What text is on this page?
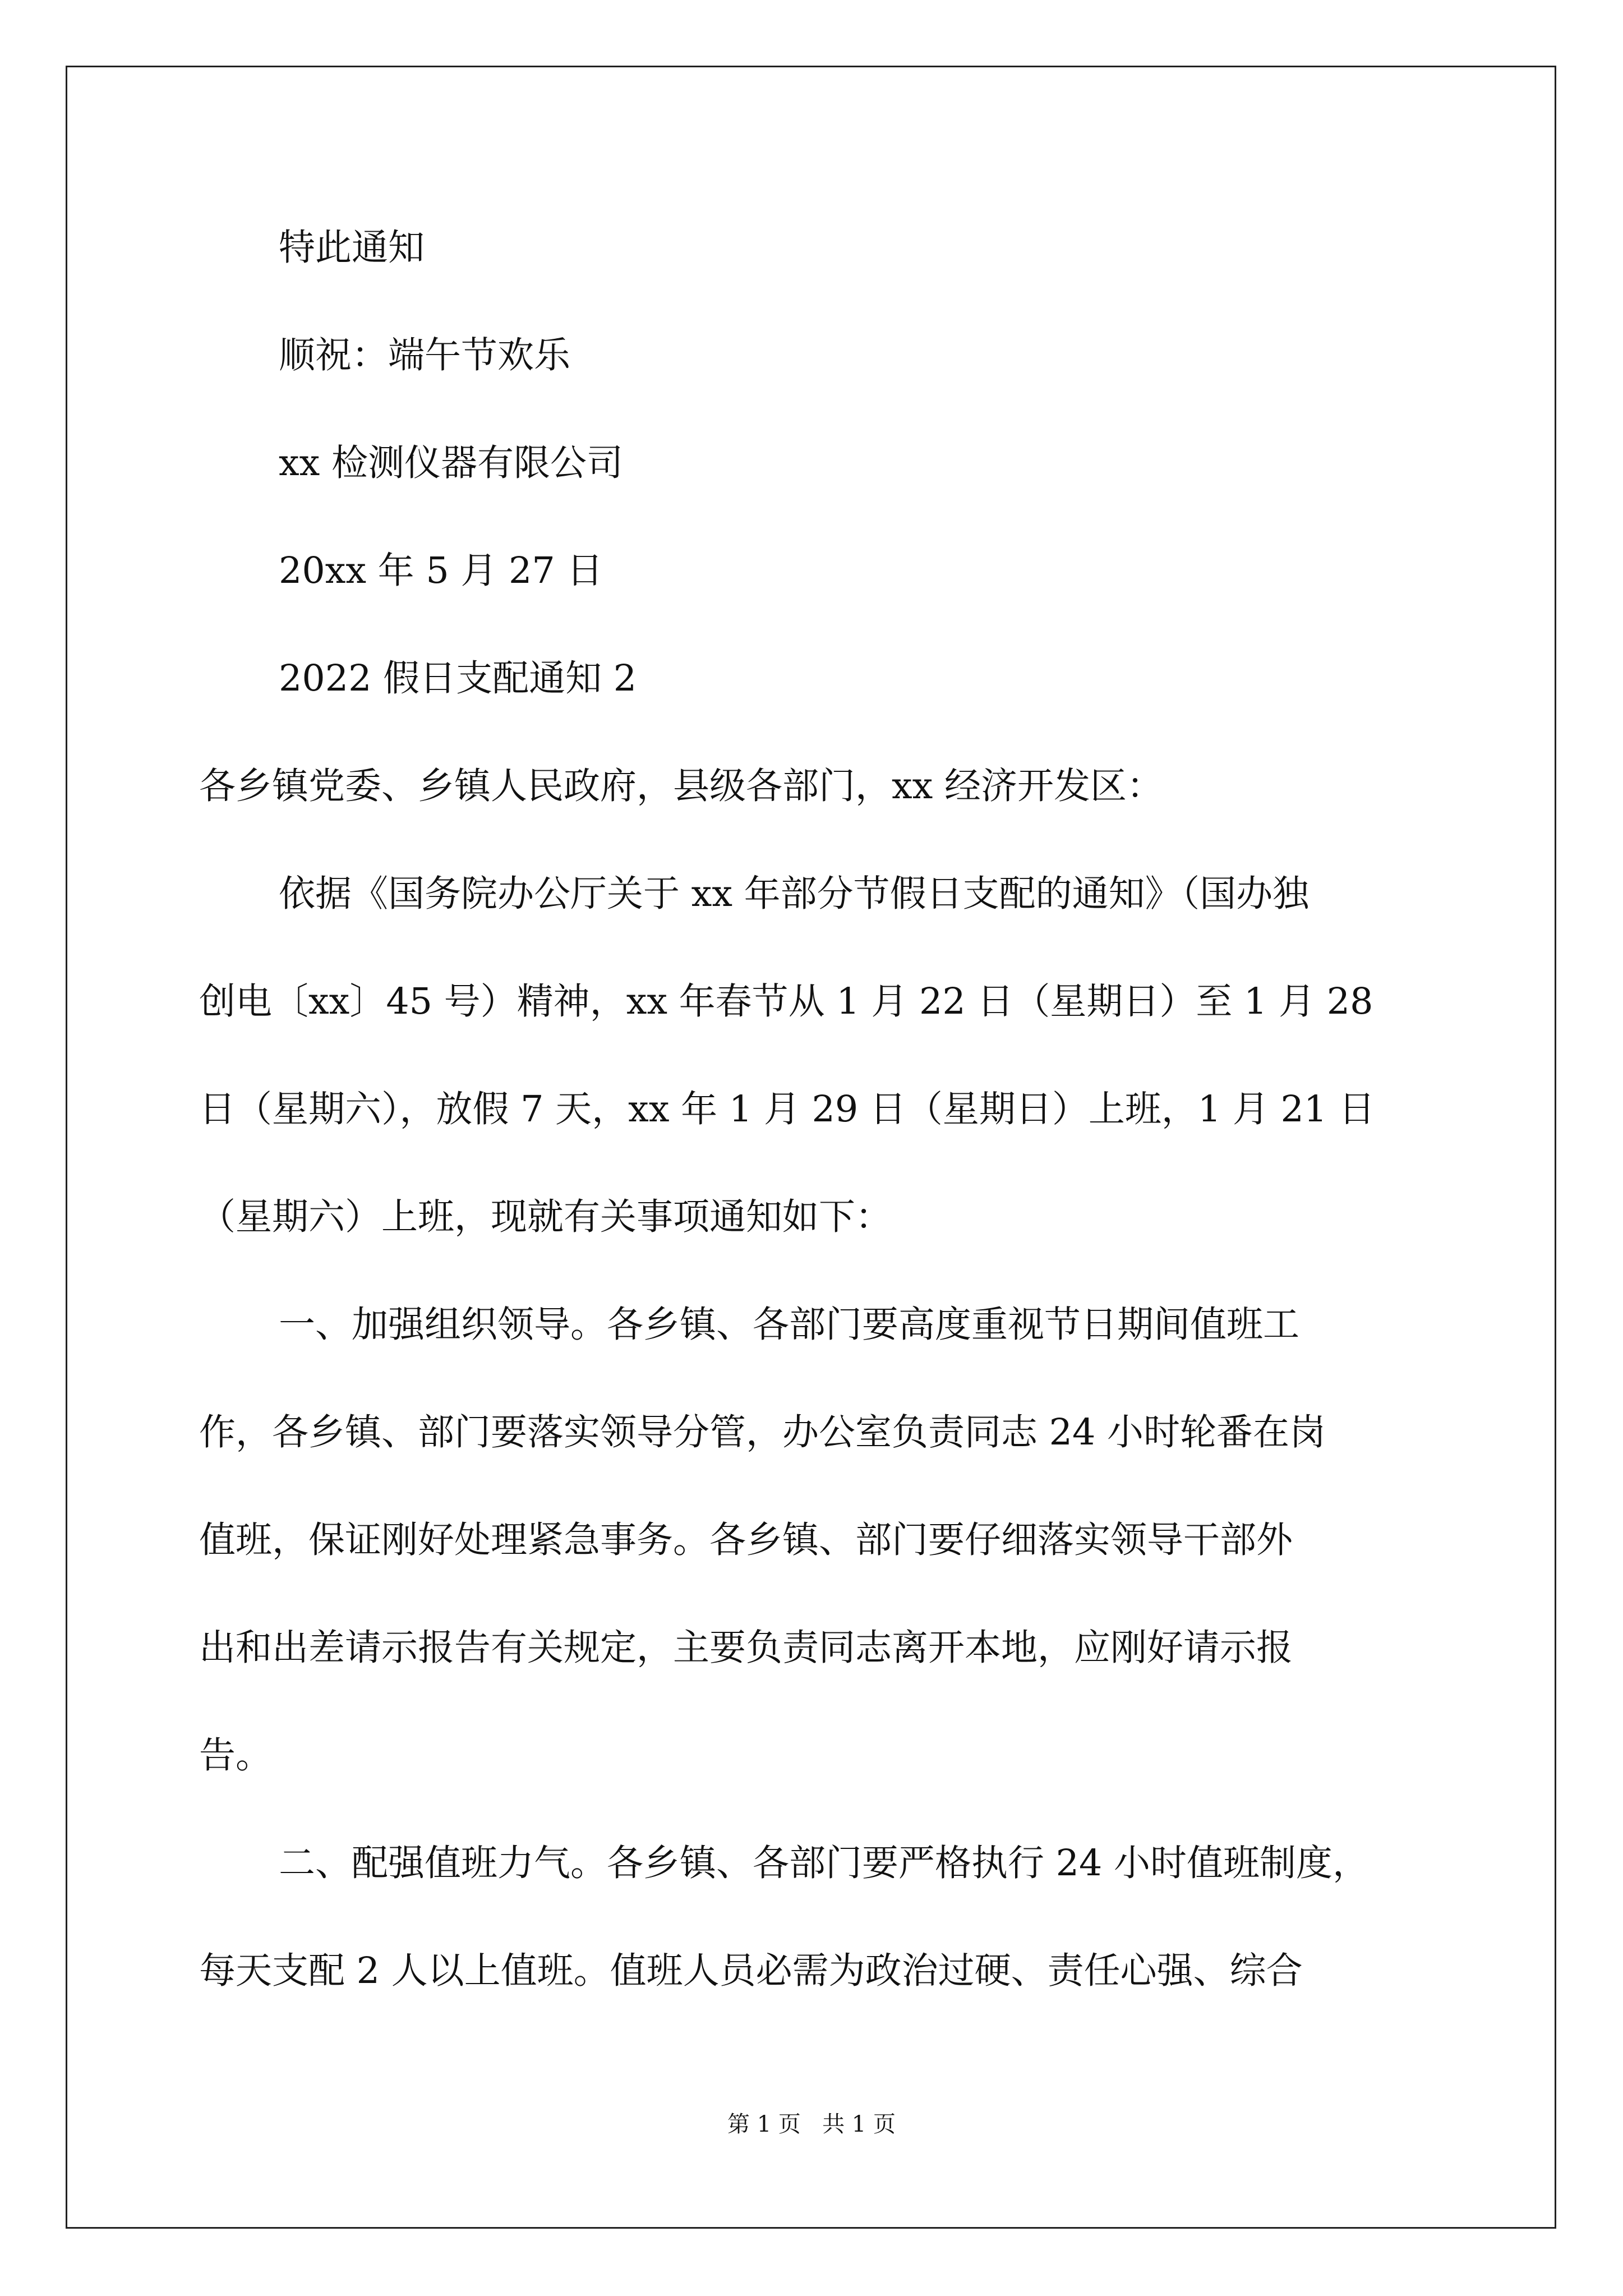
特此通知

顺祝：端午节欢乐

xx 检测仪器有限公司

20xx 年 5 月 27 日

2022 假日支配通知 2

各乡镇党委、乡镇人民政府，县级各部门，xx 经济开发区：

依据《国务院办公厅关于 xx 年部分节假日支配的通知》（国办独

创电〔xx〕45 号）精神，xx 年春节从 1 月 22 日（星期日）至 1 月 28

日（星期六），放假 7 天，xx 年 1 月 29 日（星期日）上班，1 月 21 日

（星期六）上班，现就有关事项通知如下：

一、加强组织领导。各乡镇、各部门要高度重视节日期间值班工

作，各乡镇、部门要落实领导分管，办公室负责同志 24 小时轮番在岗

值班，保证刚好处理紧急事务。各乡镇、部门要仔细落实领导干部外

出和出差请示报告有关规定，主要负责同志离开本地，应刚好请示报

告。

二、配强值班力气。各乡镇、各部门要严格执行 24 小时值班制度，

每天支配 2 人以上值班。值班人员必需为政治过硬、责任心强、综合

第 1 页   共 1 页
